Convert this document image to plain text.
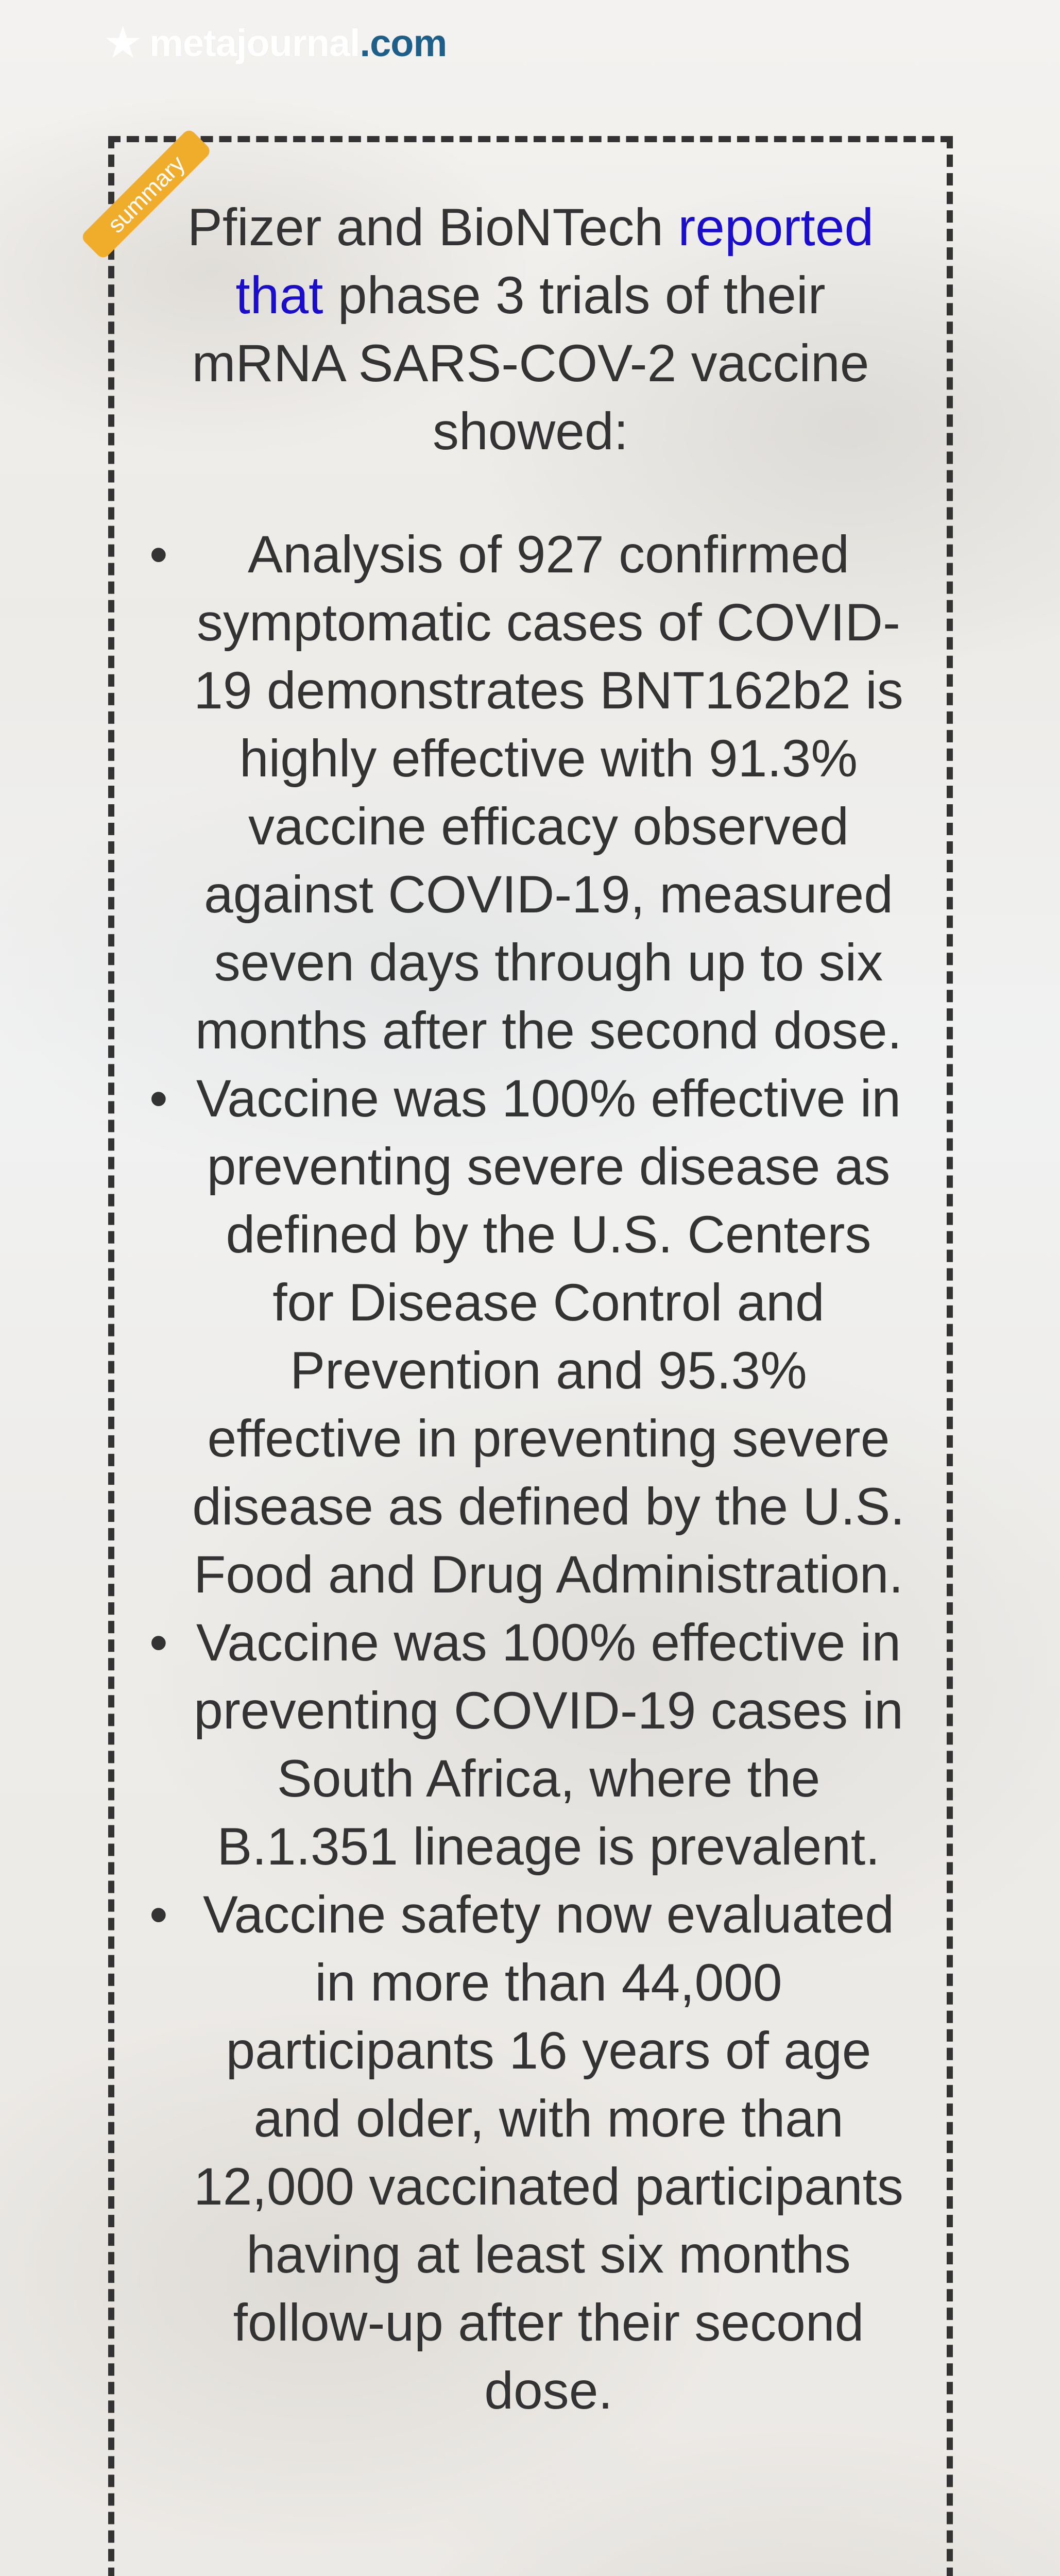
★ metajournal .com
summary
Pfizer and BioNTech reported that phase 3 trials of their mRNA SARS-COV-2 vaccine showed:
• Analysis of 927 confirmed symptomatic cases of COVID-19 demonstrates BNT162b2 is highly effective with 91.3% vaccine efficacy observed against COVID-19, measured seven days through up to six months after the second dose.
• Vaccine was 100% effective in preventing severe disease as defined by the U.S. Centers for Disease Control and Prevention and 95.3% effective in preventing severe disease as defined by the U.S. Food and Drug Administration.
• Vaccine was 100% effective in preventing COVID-19 cases in South Africa, where the B.1.351 lineage is prevalent.
• Vaccine safety now evaluated in more than 44,000 participants 16 years of age and older, with more than 12,000 vaccinated participants having at least six months follow-up after their second dose.
